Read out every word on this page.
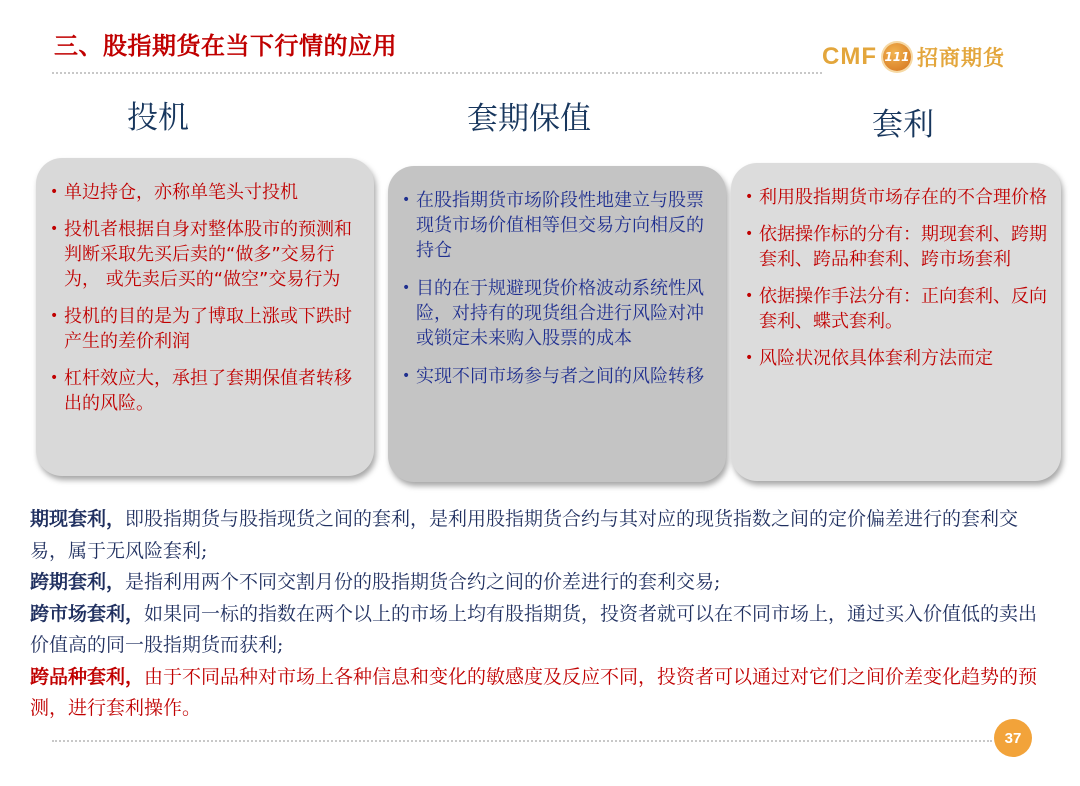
三、股指期货在当下行情的应用	CMF 111 招商期货
投机	套期保值	套利
• 单边持仓，亦称单笔头寸投机
• 投机者根据自身对整体股市的预测和判断采取先买后卖的“做多”交易行为， 或先卖后买的“做空”交易行为
• 投机的目的是为了博取上涨或下跌时产生的差价利润
• 杠杆效应大，承担了套期保值者转移出的风险。
• 在股指期货市场阶段性地建立与股票现货市场价值相等但交易方向相反的持仓
• 目的在于规避现货价格波动系统性风险，对持有的现货组合进行风险对冲或锁定未来购入股票的成本
• 实现不同市场参与者之间的风险转移
• 利用股指期货市场存在的不合理价格
• 依据操作标的分有：期现套利、跨期套利、跨品种套利、跨市场套利
• 依据操作手法分有：正向套利、反向套利、蝶式套利。
• 风险状况依具体套利方法而定

期现套利，即股指期货与股指现货之间的套利，是利用股指期货合约与其对应的现货指数之间的定价偏差进行的套利交易，属于无风险套利;

跨期套利，是指利用两个不同交割月份的股指期货合约之间的价差进行的套利交易;

跨市场套利，如果同一标的指数在两个以上的市场上均有股指期货，投资者就可以在不同市场上，通过买入价值低的卖出价值高的同一股指期货而获利;

跨品种套利，由于不同品种对市场上各种信息和变化的敏感度及反应不同，投资者可以通过对它们之间价差变化趋势的预测，进行套利操作。

37
